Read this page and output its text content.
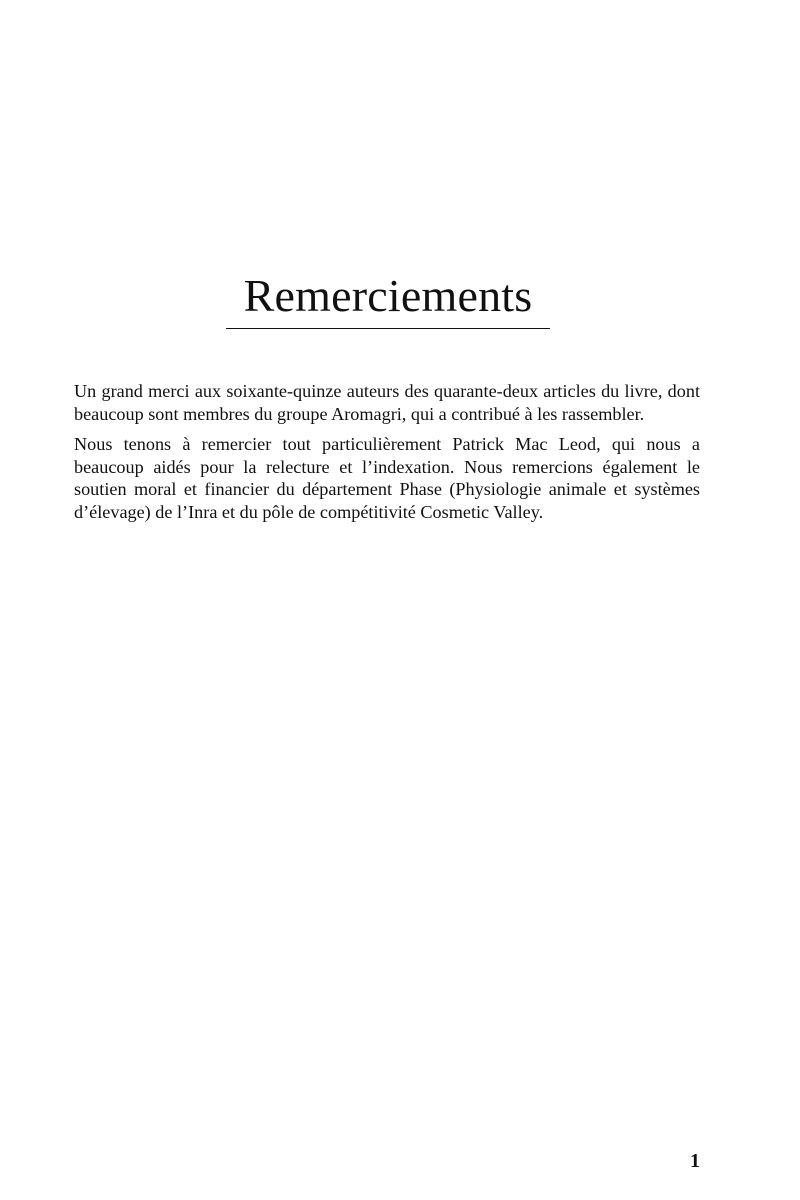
Remerciements

Un grand merci aux soixante-quinze auteurs des quarante-deux articles du livre, dont beaucoup sont membres du groupe Aromagri, qui a contribué à les rassembler.

Nous tenons à remercier tout particulièrement Patrick Mac Leod, qui nous a beaucoup aidés pour la relecture et l’indexation. Nous remercions également le soutien moral et financier du département Phase (Physiologie animale et systèmes d’élevage) de l’Inra et du pôle de compétitivité Cosmetic Valley.

1
